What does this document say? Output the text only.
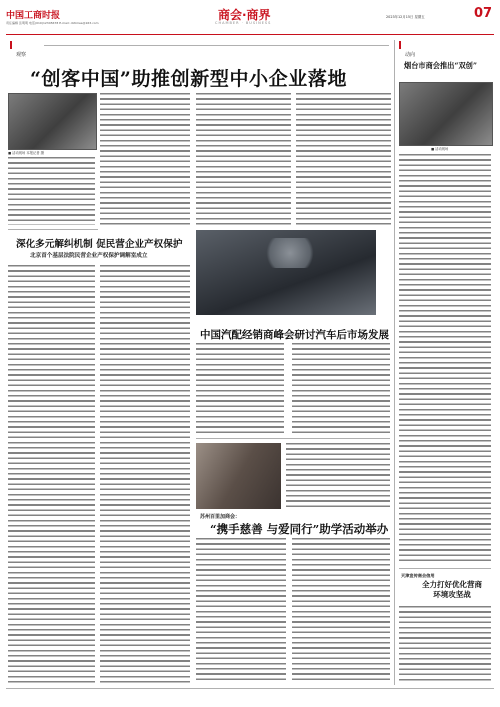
中国工商时报
责任编辑 张明明 电话(010)12345678 E-mail: cbtimes@163.com
商会·商界
CHAMBER · BUSINESS
2023年12月15日 星期五	07
观察
“创客中国”助推创新型中小企业落地
■ 活动现场 本报记者 摄
深化多元解纠机制 促民营企业产权保护
北京首个基层法院民营企业产权保护调解室成立
中国汽配经销商峰会研讨汽车后市场发展
苏州百里加商会：
“携手慈善 与爱同行”助学活动举办
动向
烟台市商会推出“双创”
■ 活动现场
天津宣传商会信用
全力打好优化营商环境攻坚战
